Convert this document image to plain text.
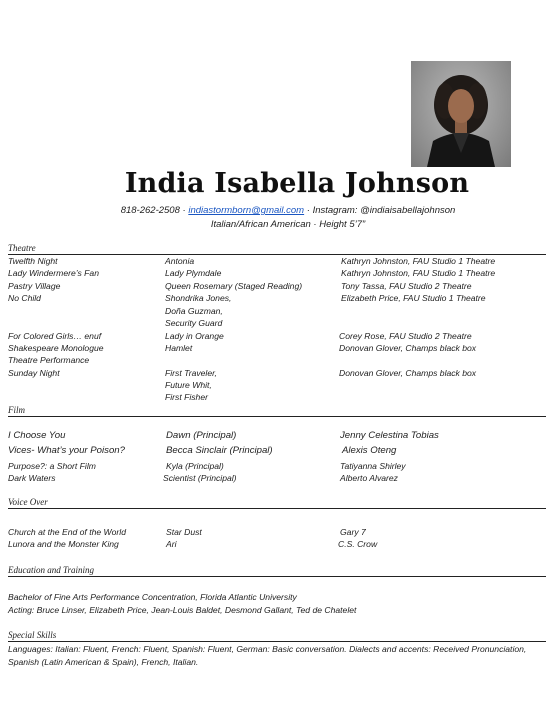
India Isabella Johnson
818-262-2508 · indiastormborn@gmail.com · Instagram: @indiaisabellajohnson
Italian/African American · Height 5’7”
Theatre
Twelfth Night	Antonia	Kathryn Johnston, FAU Studio 1 Theatre
Lady Windermere’s Fan	Lady Plymdale	Kathryn Johnston, FAU Studio 1 Theatre
Pastry Village	Queen Rosemary (Staged Reading)	Tony Tassa, FAU Studio 2 Theatre
No Child	Shondrika Jones,	Elizabeth Price, FAU Studio 1 Theatre
Doña Guzman,
Security Guard
For Colored Girls… enuf	Lady in Orange	Corey Rose, FAU Studio 2 Theatre
Shakespeare Monologue	Hamlet	Donovan Glover, Champs black box
Theatre Performance
Sunday Night	First Traveler,	Donovan Glover, Champs black box
Future Whit,
First Fisher
Film
I Choose You	Dawn (Principal)	Jenny Celestina Tobias
Vices- What’s your Poison?	Becca Sinclair (Principal)	Alexis Oteng
Purpose?: a Short Film	Kyla (Principal)	Tatiyanna Shirley
Dark Waters	Scientist (Principal)	Alberto Alvarez
Voice Over
Church at the End of the World	Star Dust	Gary 7
Lunora and the Monster King	Ari	C.S. Crow
Education and Training
Bachelor of Fine Arts Performance Concentration, Florida Atlantic University
Acting: Bruce Linser, Elizabeth Price, Jean-Louis Baldet, Desmond Gallant, Ted de Chatelet
Special Skills
Languages: Italian: Fluent, French: Fluent, Spanish: Fluent, German: Basic conversation. Dialects and accents: Received Pronunciation, Spanish (Latin American & Spain), French, Italian.
